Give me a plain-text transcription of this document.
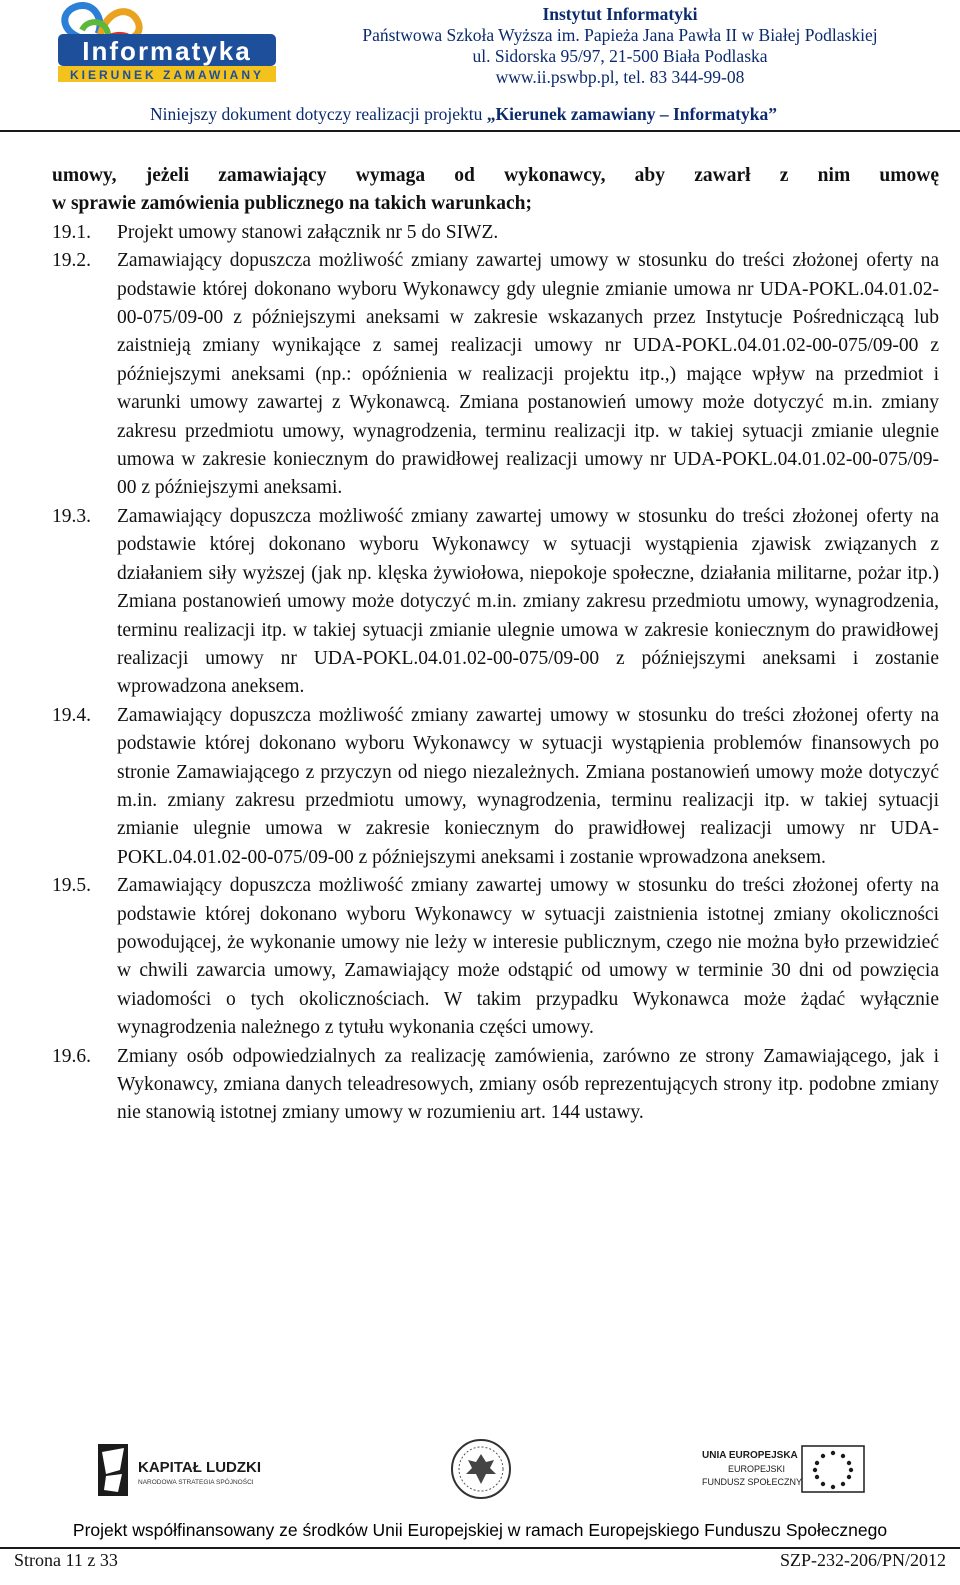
Informatyka
KIERUNEK ZAMAWIANY
Instytut Informatyki
Państwowa Szkoła Wyższa im. Papieża Jana Pawła II w Białej Podlaskiej
ul. Sidorska 95/97, 21-500 Biała Podlaska
www.ii.pswbp.pl, tel. 83 344-99-08
Niniejszy dokument dotyczy realizacji projektu „Kierunek zamawiany – Informatyka”

umowy, jeżeli zamawiający wymaga od wykonawcy, aby zawarł z nim umowę

w sprawie zamówienia publicznego na takich warunkach;

19.1.	Projekt umowy stanowi załącznik nr 5 do SIWZ.
19.2.	Zamawiający dopuszcza możliwość zmiany zawartej umowy w stosunku do treści złożonej oferty na podstawie której dokonano wyboru Wykonawcy gdy ulegnie zmianie umowa nr UDA-POKL.04.01.02-00-075/09-00 z późniejszymi aneksami w zakresie wskazanych przez Instytucje Pośredniczącą lub zaistnieją zmiany wynikające z samej realizacji umowy nr UDA-POKL.04.01.02-00-075/09-00 z późniejszymi aneksami (np.: opóźnienia w realizacji projektu itp.,) mające wpływ na przedmiot i warunki umowy zawartej z Wykonawcą. Zmiana postanowień umowy może dotyczyć m.in. zmiany zakresu przedmiotu umowy, wynagrodzenia, terminu realizacji itp. w takiej sytuacji zmianie ulegnie umowa w zakresie koniecznym do prawidłowej realizacji umowy nr UDA-POKL.04.01.02-00-075/09-00 z późniejszymi aneksami.
19.3.	Zamawiający dopuszcza możliwość zmiany zawartej umowy w stosunku do treści złożonej oferty na podstawie której dokonano wyboru Wykonawcy w sytuacji wystąpienia zjawisk związanych z działaniem siły wyższej (jak np. klęska żywiołowa, niepokoje społeczne, działania militarne, pożar itp.) Zmiana postanowień umowy może dotyczyć m.in. zmiany zakresu przedmiotu umowy, wynagrodzenia, terminu realizacji itp. w takiej sytuacji zmianie ulegnie umowa w zakresie koniecznym do prawidłowej realizacji umowy nr UDA-POKL.04.01.02-00-075/09-00 z późniejszymi aneksami i zostanie wprowadzona aneksem.
19.4.	Zamawiający dopuszcza możliwość zmiany zawartej umowy w stosunku do treści złożonej oferty na podstawie której dokonano wyboru Wykonawcy w sytuacji wystąpienia problemów finansowych po stronie Zamawiającego z przyczyn od niego niezależnych. Zmiana postanowień umowy może dotyczyć m.in. zmiany zakresu przedmiotu umowy, wynagrodzenia, terminu realizacji itp. w takiej sytuacji zmianie ulegnie umowa w zakresie koniecznym do prawidłowej realizacji umowy nr UDA-POKL.04.01.02-00-075/09-00 z późniejszymi aneksami i zostanie wprowadzona aneksem.
19.5.	Zamawiający dopuszcza możliwość zmiany zawartej umowy w stosunku do treści złożonej oferty na podstawie której dokonano wyboru Wykonawcy w sytuacji zaistnienia istotnej zmiany okoliczności powodującej, że wykonanie umowy nie leży w interesie publicznym, czego nie można było przewidzieć w chwili zawarcia umowy, Zamawiający może odstąpić od umowy w terminie 30 dni od powzięcia wiadomości o tych okolicznościach. W takim przypadku Wykonawca może żądać wyłącznie wynagrodzenia należnego z tytułu wykonania części umowy.
19.6.	Zmiany osób odpowiedzialnych za realizację zamówienia, zarówno ze strony Zamawiającego, jak i Wykonawcy, zmiana danych teleadresowych, zmiany osób reprezentujących strony itp. podobne zmiany nie stanowią istotnej zmiany umowy w rozumieniu art. 144 ustawy.
KAPITAŁ LUDZKI
NARODOWA STRATEGIA SPÓJNOŚCI
UNIA EUROPEJSKA
EUROPEJSKI
FUNDUSZ SPOŁECZNY
Projekt współfinansowany ze środków Unii Europejskiej w ramach Europejskiego Funduszu Społecznego
Strona 11 z 33	SZP-232-206/PN/2012
